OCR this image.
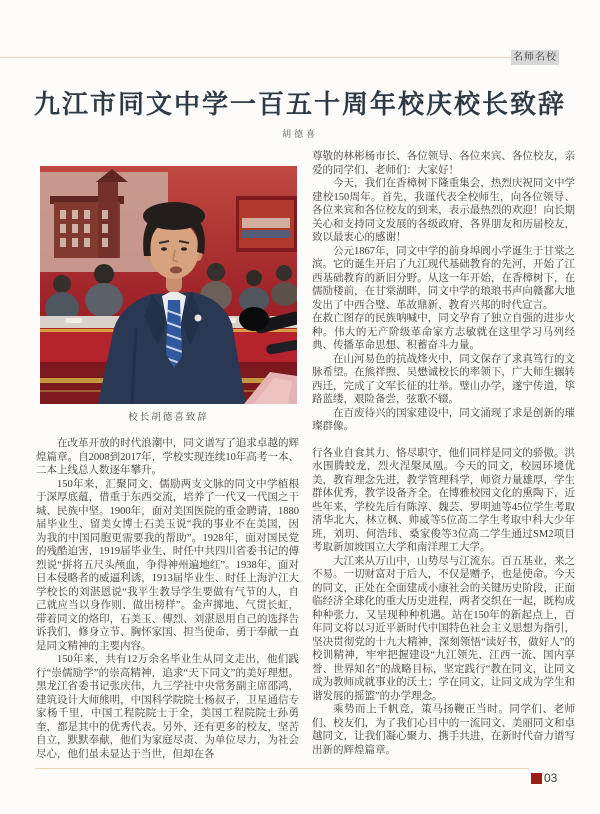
名师名校
九江市同文中学一百五十周年校庆校长致辞
胡德喜
校长胡德喜致辞

在改革开放的时代浪潮中，同文谱写了追求卓越的辉煌篇章。自2008到2017年，学校实现连续10年高考一本、二本上线总人数逐年攀升。

150年来，汇聚同文、儒励两支文脉的同文中学植根于深厚底蕴，借重于东西交流，培养了一代又一代国之干城、民族中坚。1900年，面对美国医院的重金聘请，1880届毕业生、留美女博士石美玉说“我的事业不在美国，因为我的中国同胞更需要我的帮助”。1928年，面对国民党的残酷迫害，1919届毕业生、时任中共四川省委书记的傅烈说“拼将五尺头颅血，争得神州遍地红”。1938年，面对日本侵略者的威逼利诱，1913届毕业生、时任上海沪江大学校长的刘湛恩说“我平生教导学生要做有气节的人，自己就应当以身作则、做出榜样”。金声掷地、气贯长虹，带着同文的烙印，石美玉、傅烈、刘湛恩用自己的选择告诉我们，修身立节、胸怀家国、担当使命、勇于奉献一直是同文精神的主要内容。

150年来，共有12万余名毕业生从同文走出，他们践行“崇儒励学”的崇高精神，追求“天下同文”的美好理想。黑龙江省委书记张庆伟，九三学社中央常务副主席邵鸿，建筑设计大师熊明，中国科学院院士杨叔子，卫星通信专家杨千里，中国工程院院士于全，美国工程院院士孙勇奎，都是其中的优秀代表。另外，还有更多的校友，坚苦自立，默默奉献，他们为家庭尽责、为单位尽力，为社会尽心，他们虽未显达于当世，但却在各

尊敬的林彬杨市长、各位领导、各位来宾、各位校友，亲爱的同学们、老师们：大家好！

今天，我们在香樟树下隆重集会，热烈庆祝同文中学建校150周年。首先，我谨代表全校师生，向各位领导、各位来宾和各位校友的到来，表示最热烈的欢迎！向长期关心和支持同文发展的各级政府、各界朋友和历届校友，致以最衷心的感谢！

公元1867年，同文中学的前身埠阆小学诞生于甘棠之滨。它的诞生开启了九江现代基础教育的先河，开始了江西基础教育的新旧分野。从这一年开始，在香樟树下，在儒励楼前，在甘棠湖畔，同文中学的琅琅书声向赣鄱大地发出了中西合璧、革故鼎新、教育兴邦的时代宣言。

在救亡图存的民族呐喊中，同文孕育了独立自强的进步火种。伟大的无产阶级革命家方志敏就在这里学习马列经典、传播革命思想、积蓄奋斗力量。

在山河易色的抗战烽火中，同文保存了求真笃行的文脉希望。在熊祥煦、吴懋诚校长的率领下，广大师生辗转西迁，完成了文军长征的壮举。璧山办学，遂宁传道，筚路蓝缕，艰险备尝，弦歌不辍。

在百废待兴的国家建设中，同文涌现了求是创新的璀璨群像。

行各业自食其力、恪尽职守，他们同样是同文的骄傲。洪水围腾蛟龙，烈火涅槃凤凰。今天的同文，校园环境优美，教育理念先进，教学管理科学，师资力量雄厚，学生群体优秀，教学设备齐全。在博雅校园文化的熏陶下，近些年来，学校先后有陈淳、魏芸、罗明迪等45位学生考取清华北大，林立枫、帅威等5位高二学生考取中科大少年班，刘玥、何浩玮、桑家俊等3位高二学生通过SM2项目考取新加坡国立大学和南洋理工大学。

大江来从万山中，山势尽与江流东。百五基业，来之不易。一切财富对于后人，不仅是赠予，也是使命。今天的同文，正处在全面建成小康社会的关键历史阶段，正面临经济全球化的重大历史进程，两者交织在一起，既构成种种张力，又呈现种种机遇。站在150年的新起点上，百年同文将以习近平新时代中国特色社会主义思想为指引，坚决贯彻党的十九大精神，深刻领悟“读好书，做好人”的校训精神，牢牢把握建设“九江领先、江西一流、国内享誉、世界知名”的战略目标，坚定践行“教在同文，让同文成为教师成就事业的沃土；学在同文，让同文成为学生和谐发展的摇篮”的办学理念。

乘势而上千帆竞，策马扬鞭正当时。同学们、老师们、校友们，为了我们心目中的一流同文、美丽同文和卓越同文，让我们凝心聚力、携手共进，在新时代奋力谱写出新的辉煌篇章。

03
